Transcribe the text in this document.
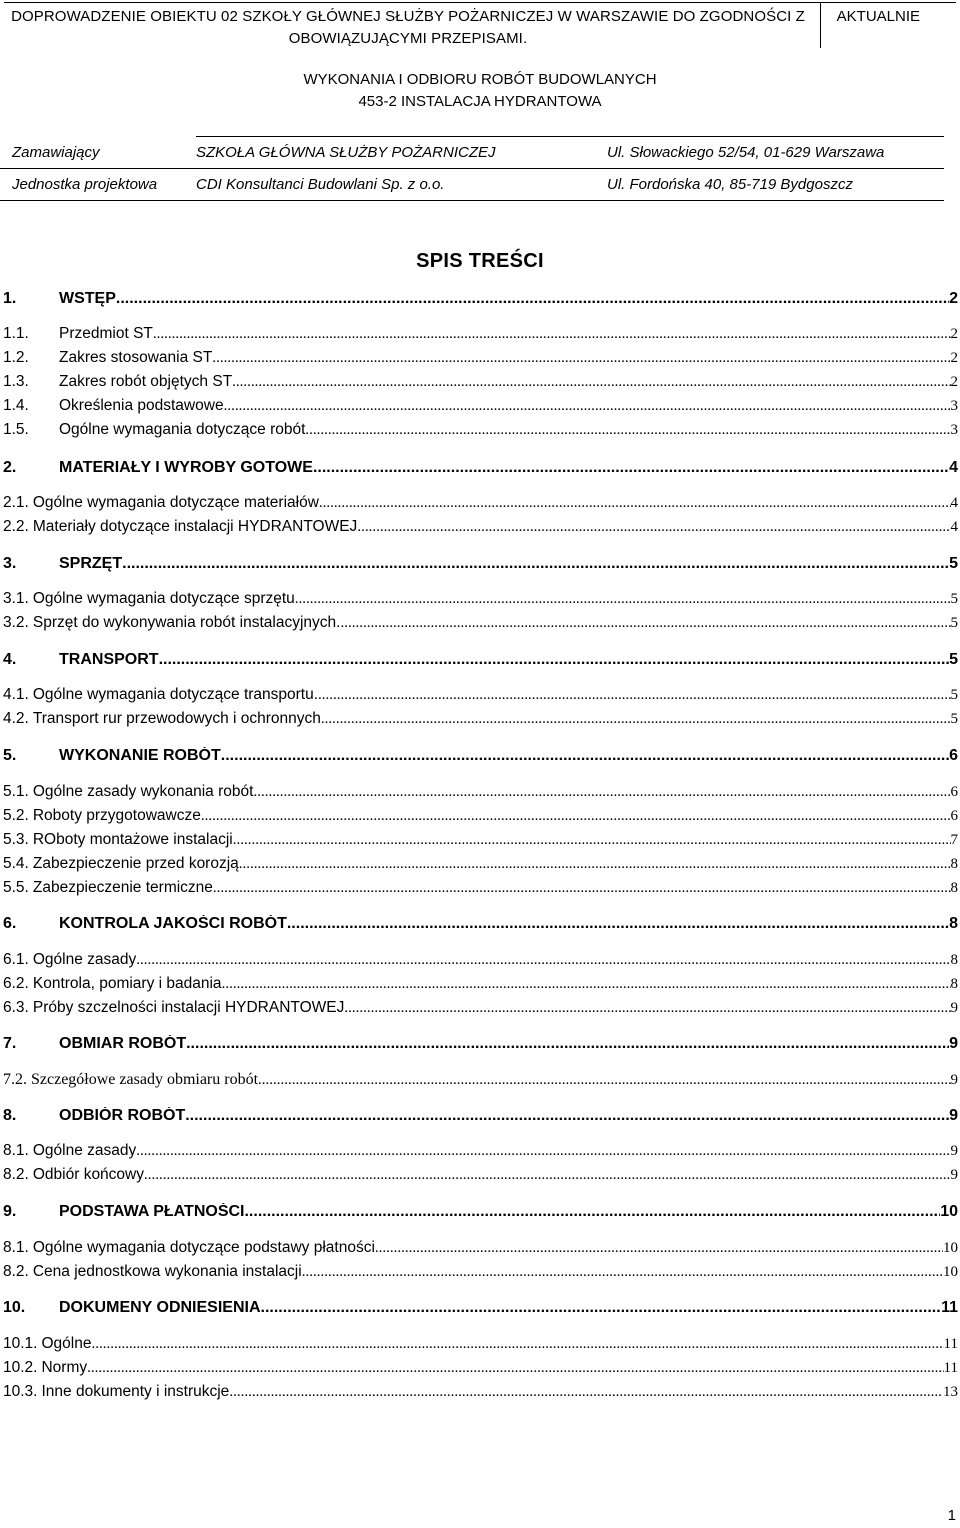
DOPROWADZENIE OBIEKTU 02 SZKOŁY GŁÓWNEJ SŁUŻBY POŻARNICZEJ W WARSZAWIE DO ZGODNOŚCI Z OBOWIĄZUJĄCYMI PRZEPISAMI.
AKTUALNIE
WYKONANIA I ODBIORU ROBÓT BUDOWLANYCH
453-2 INSTALACJA HYDRANTOWA
Zamawiający	SZKOŁA GŁÓWNA SŁUŻBY POŻARNICZEJ	Ul. Słowackiego 52/54, 01-629 Warszawa
Jednostka projektowa	CDI Konsultanci Budowlani Sp. z o.o.	Ul. Fordońska 40, 85-719 Bydgoszcz
SPIS TREŚCI
1.	WSTĘP .....	2
1.1.	Przedmiot ST .....	2
1.2.	Zakres stosowania ST .....	2
1.3.	Zakres robót objętych ST .....	2
1.4.	Określenia podstawowe .....	3
1.5.	Ogólne wymagania dotyczące robót .....	3
2.	MATERIAŁY I WYROBY GOTOWE .....	4
2.1. Ogólne wymagania dotyczące materiałów .....	4
2.2. Materiały dotyczące instalacji HYDRANTOWEJ .....	4
3.	SPRZĘT .....	5
3.1. Ogólne wymagania dotyczące sprzętu .....	5
3.2. Sprzęt do wykonywania robót instalacyjnych. .....	5
4.	TRANSPORT .....	5
4.1. Ogólne wymagania dotyczące transportu. .....	5
4.2. Transport rur przewodowych i ochronnych .....	5
5.	WYKONANIE ROBÓT .....	6
5.1. Ogólne zasady wykonania robót .....	6
5.2. Roboty przygotowawcze .....	6
5.3. ROboty montażowe instalacji .....	7
5.4. Zabezpieczenie przed korozją .....	8
5.5. Zabezpieczenie termiczne .....	8
6.	KONTROLA JAKOŚCI ROBÓT .....	8
6.1. Ogólne zasady .....	8
6.2. Kontrola, pomiary i badania .....	8
6.3. Próby szczelności instalacji HYDRANTOWEJ .....	9
7.	OBMIAR ROBÓT .....	9
7.2. Szczegółowe zasady obmiaru robót .....	9
8.	ODBIÓR ROBÓT .....	9
8.1. Ogólne zasady .....	9
8.2. Odbiór końcowy .....	9
9.	PODSTAWA PŁATNOŚCI .....	10
8.1. Ogólne wymagania dotyczące podstawy płatności .....	10
8.2. Cena jednostkowa wykonania instalacji .....	10
10.	DOKUMENY ODNIESIENIA .....	11
10.1. Ogólne .....	11
10.2. Normy .....	11
10.3. Inne dokumenty i instrukcje .....	13
1
